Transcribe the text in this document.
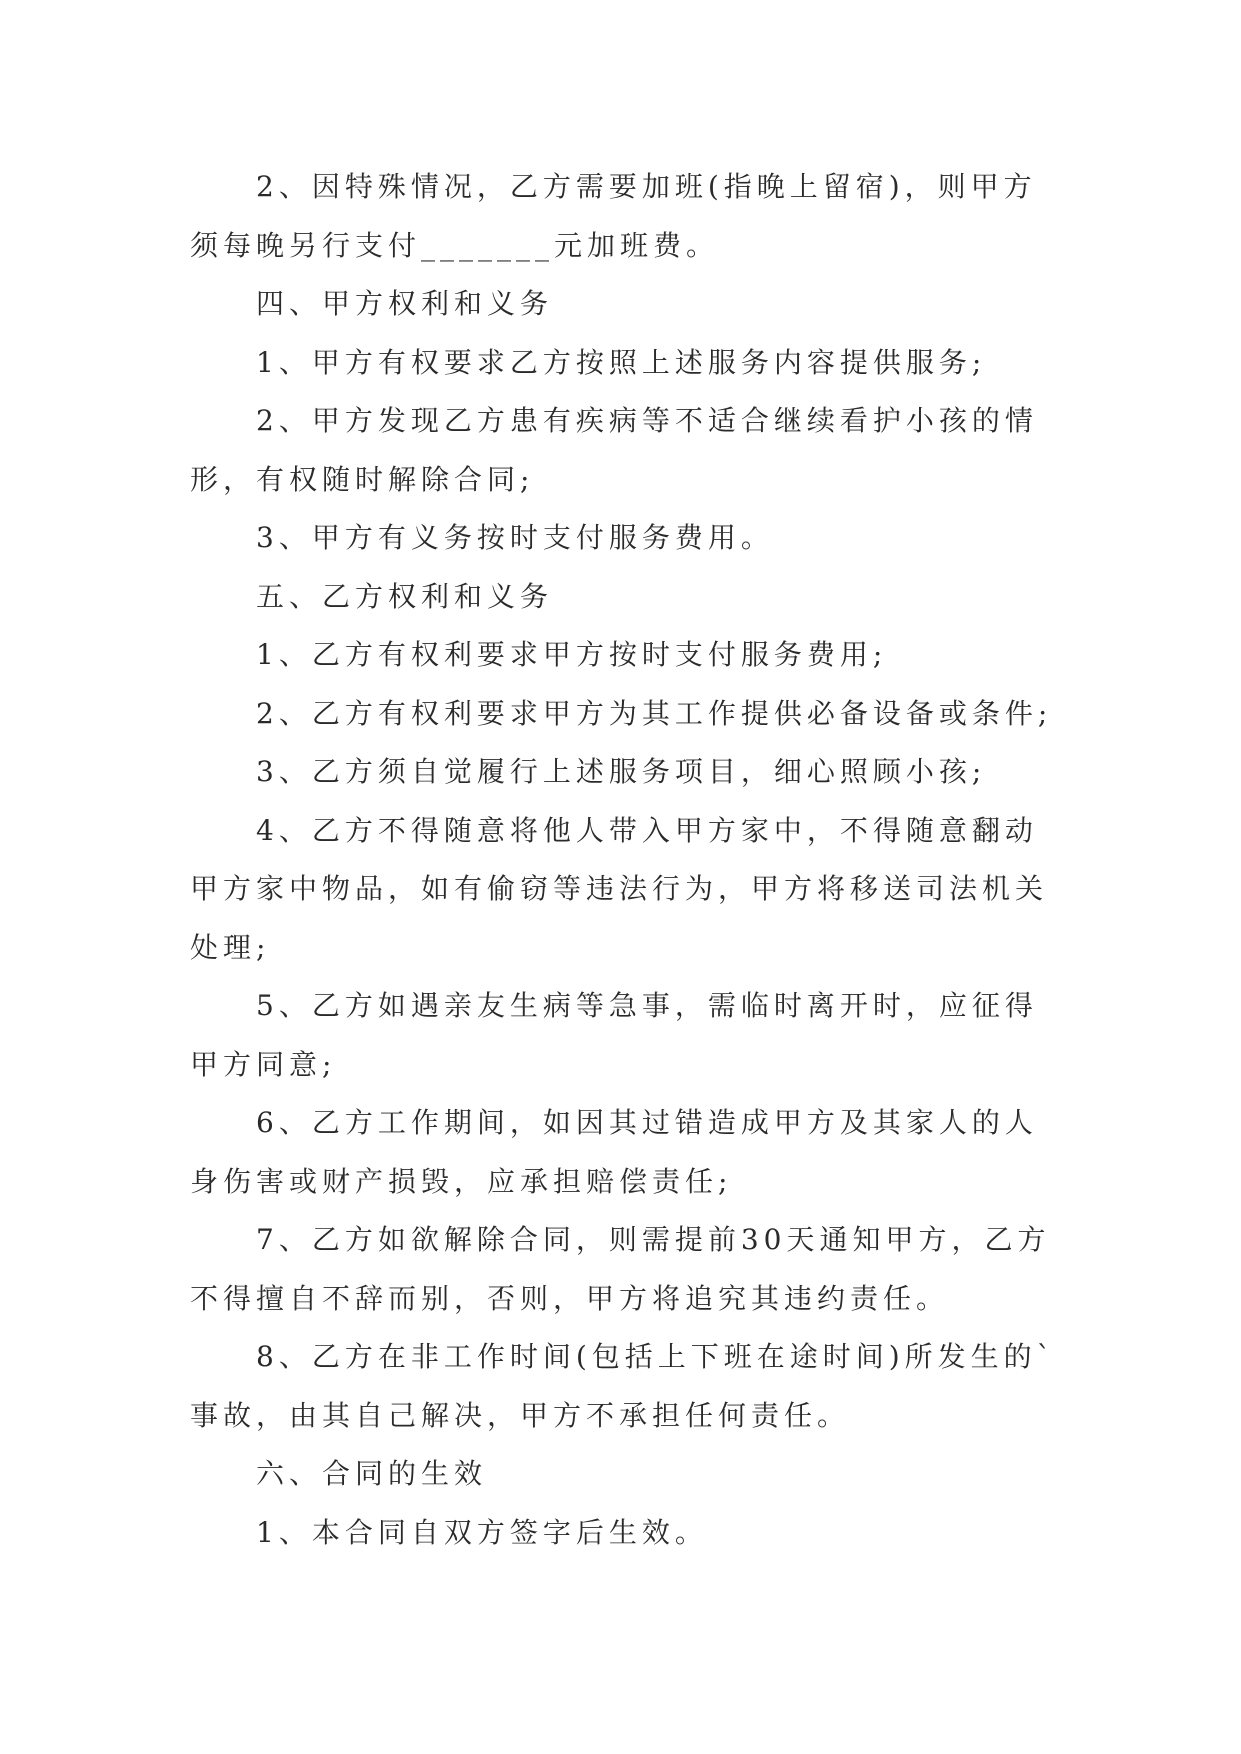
2、因特殊情况，乙方需要加班(指晚上留宿)，则甲方
须每晚另行支付_______元加班费。

四、甲方权利和义务

1、甲方有权要求乙方按照上述服务内容提供服务;

2、甲方发现乙方患有疾病等不适合继续看护小孩的情
形，有权随时解除合同;

3、甲方有义务按时支付服务费用。

五、乙方权利和义务

1、乙方有权利要求甲方按时支付服务费用;

2、乙方有权利要求甲方为其工作提供必备设备或条件;

3、乙方须自觉履行上述服务项目，细心照顾小孩;

4、乙方不得随意将他人带入甲方家中，不得随意翻动
甲方家中物品，如有偷窃等违法行为，甲方将移送司法机关
处理;

5、乙方如遇亲友生病等急事，需临时离开时，应征得
甲方同意;

6、乙方工作期间，如因其过错造成甲方及其家人的人
身伤害或财产损毁，应承担赔偿责任;

7、乙方如欲解除合同，则需提前30天通知甲方，乙方
不得擅自不辞而别，否则，甲方将追究其违约责任。

8、乙方在非工作时间(包括上下班在途时间)所发生的`
事故，由其自己解决，甲方不承担任何责任。

六、合同的生效

1、本合同自双方签字后生效。
